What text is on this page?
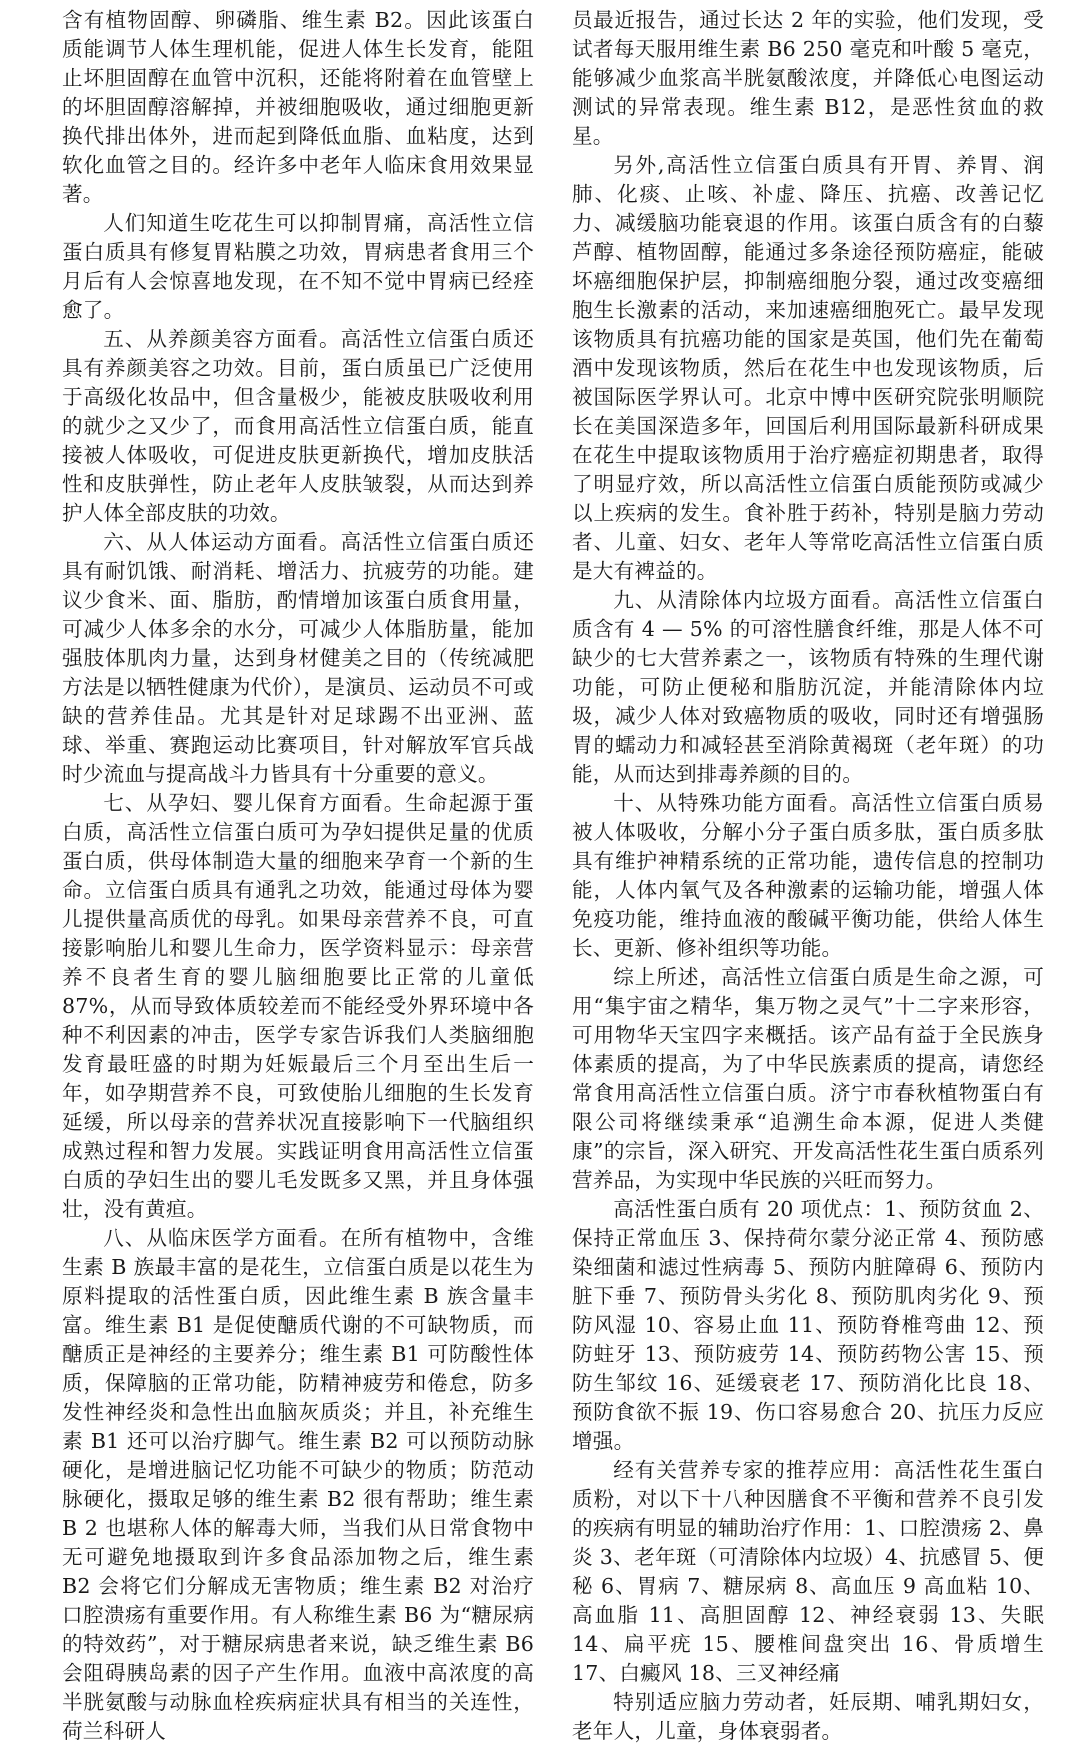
含有植物固醇、卵磷脂、维生素 B2。因此该蛋白质能调节人体生理机能，促进人体生长发育，能阻止坏胆固醇在血管中沉积，还能将附着在血管壁上的坏胆固醇溶解掉，并被细胞吸收，通过细胞更新换代排出体外，进而起到降低血脂、血粘度，达到软化血管之目的。经许多中老年人临床食用效果显著。

人们知道生吃花生可以抑制胃痛，高活性立信蛋白质具有修复胃粘膜之功效，胃病患者食用三个月后有人会惊喜地发现，在不知不觉中胃病已经痊愈了。

五、从养颜美容方面看。高活性立信蛋白质还具有养颜美容之功效。目前，蛋白质虽已广泛使用于高级化妆品中，但含量极少，能被皮肤吸收利用的就少之又少了，而食用高活性立信蛋白质，能直接被人体吸收，可促进皮肤更新换代，增加皮肤活性和皮肤弹性，防止老年人皮肤皱裂，从而达到养护人体全部皮肤的功效。

六、从人体运动方面看。高活性立信蛋白质还具有耐饥饿、耐消耗、增活力、抗疲劳的功能。建议少食米、面、脂肪，酌情增加该蛋白质食用量，可减少人体多余的水分，可减少人体脂肪量，能加强肢体肌肉力量，达到身材健美之目的（传统减肥方法是以牺牲健康为代价），是演员、运动员不可或缺的营养佳品。尤其是针对足球踢不出亚洲、蓝球、举重、赛跑运动比赛项目，针对解放军官兵战时少流血与提高战斗力皆具有十分重要的意义。

七、从孕妇、婴儿保育方面看。生命起源于蛋白质，高活性立信蛋白质可为孕妇提供足量的优质蛋白质，供母体制造大量的细胞来孕育一个新的生命。立信蛋白质具有通乳之功效，能通过母体为婴儿提供量高质优的母乳。如果母亲营养不良，可直接影响胎儿和婴儿生命力，医学资料显示：母亲营养不良者生育的婴儿脑细胞要比正常的儿童低 87%，从而导致体质较差而不能经受外界环境中各种不利因素的冲击，医学专家告诉我们人类脑细胞发育最旺盛的时期为妊娠最后三个月至出生后一年，如孕期营养不良，可致使胎儿细胞的生长发育延缓，所以母亲的营养状况直接影响下一代脑组织成熟过程和智力发展。实践证明食用高活性立信蛋白质的孕妇生出的婴儿毛发既多又黑，并且身体强壮，没有黄疸。

八、从临床医学方面看。在所有植物中，含维生素 B 族最丰富的是花生，立信蛋白质是以花生为原料提取的活性蛋白质，因此维生素 B 族含量丰富。维生素 B1 是促使醣质代谢的不可缺物质，而醣质正是神经的主要养分；维生素 B1 可防酸性体质，保障脑的正常功能，防精神疲劳和倦怠，防多发性神经炎和急性出血脑灰质炎；并且，补充维生素 B1 还可以治疗脚气。维生素 B2 可以预防动脉硬化，是增进脑记忆功能不可缺少的物质；防范动脉硬化，摄取足够的维生素 B2 很有帮助；维生素 B 2 也堪称人体的解毒大师，当我们从日常食物中无可避免地摄取到许多食品添加物之后，维生素 B2 会将它们分解成无害物质；维生素 B2 对治疗口腔溃疡有重要作用。有人称维生素 B6 为“糖尿病的特效药”，对于糖尿病患者来说，缺乏维生素 B6 会阻碍胰岛素的因子产生作用。血液中高浓度的高半胱氨酸与动脉血栓疾病症状具有相当的关连性，荷兰科研人

员最近报告，通过长达 2 年的实验，他们发现，受试者每天服用维生素 B6 250 毫克和叶酸 5 毫克，能够减少血浆高半胱氨酸浓度，并降低心电图运动测试的异常表现。维生素 B12，是恶性贫血的救星。

另外,高活性立信蛋白质具有开胃、养胃、润肺、化痰、止咳、补虚、降压、抗癌、改善记忆力、减缓脑功能衰退的作用。该蛋白质含有的白藜芦醇、植物固醇，能通过多条途径预防癌症，能破坏癌细胞保护层，抑制癌细胞分裂，通过改变癌细胞生长激素的活动，来加速癌细胞死亡。最早发现该物质具有抗癌功能的国家是英国，他们先在葡萄酒中发现该物质，然后在花生中也发现该物质，后被国际医学界认可。北京中博中医研究院张明顺院长在美国深造多年，回国后利用国际最新科研成果在花生中提取该物质用于治疗癌症初期患者，取得了明显疗效，所以高活性立信蛋白质能预防或减少以上疾病的发生。食补胜于药补，特别是脑力劳动者、儿童、妇女、老年人等常吃高活性立信蛋白质是大有裨益的。

九、从清除体内垃圾方面看。高活性立信蛋白质含有 4 — 5% 的可溶性膳食纤维，那是人体不可缺少的七大营养素之一，该物质有特殊的生理代谢功能，可防止便秘和脂肪沉淀，并能清除体内垃圾，减少人体对致癌物质的吸收，同时还有增强肠胃的蠕动力和减轻甚至消除黄褐斑（老年斑）的功能，从而达到排毒养颜的目的。

十、从特殊功能方面看。高活性立信蛋白质易被人体吸收，分解小分子蛋白质多肽，蛋白质多肽具有维护神精系统的正常功能，遗传信息的控制功能，人体内氧气及各种激素的运输功能，增强人体免疫功能，维持血液的酸碱平衡功能，供给人体生长、更新、修补组织等功能。

综上所述，高活性立信蛋白质是生命之源，可用“集宇宙之精华，集万物之灵气”十二字来形容，可用物华天宝四字来概括。该产品有益于全民族身体素质的提高，为了中华民族素质的提高，请您经常食用高活性立信蛋白质。济宁市春秋植物蛋白有限公司将继续秉承“追溯生命本源，促进人类健康”的宗旨，深入研究、开发高活性花生蛋白质系列营养品，为实现中华民族的兴旺而努力。

高活性蛋白质有 20 项优点：1、预防贫血 2、保持正常血压 3、保持荷尔蒙分泌正常 4、预防感染细菌和滤过性病毒 5、预防内脏障碍 6、预防内脏下垂 7、预防骨头劣化 8、预防肌肉劣化 9、预防风湿 10、容易止血 11、预防脊椎弯曲 12、预防蛀牙 13、预防疲劳 14、预防药物公害 15、预防生邹纹 16、延缓衰老 17、预防消化比良 18、预防食欲不振 19、伤口容易愈合 20、抗压力反应增强。

经有关营养专家的推荐应用：高活性花生蛋白质粉，对以下十八种因膳食不平衡和营养不良引发的疾病有明显的辅助治疗作用：1、口腔溃疡 2、鼻炎 3、老年斑（可清除体内垃圾）4、抗感冒 5、便秘 6、胃病 7、糖尿病 8、高血压 9 高血粘 10、高血脂 11、高胆固醇 12、神经衰弱 13、失眠 14、扁平疣 15、腰椎间盘突出 16、骨质增生 17、白癜风 18、三叉神经痛

特别适应脑力劳动者，妊辰期、哺乳期妇女，老年人，儿童，身体衰弱者。
